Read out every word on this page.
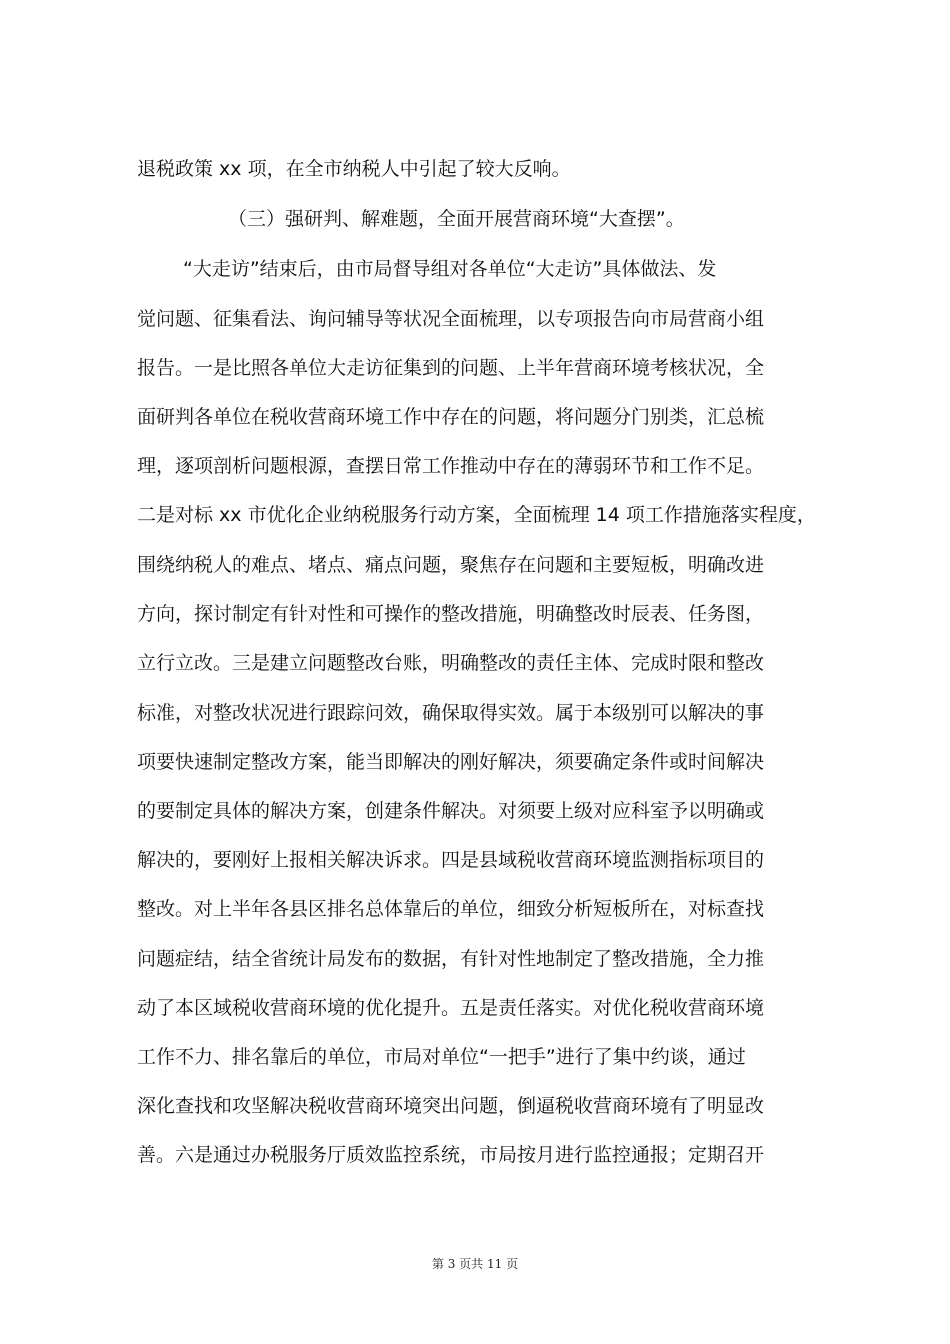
退税政策 xx 项，在全市纳税人中引起了较大反响。
（三）强研判、解难题，全面开展营商环境“大查摆”。
“大走访”结束后，由市局督导组对各单位“大走访”具体做法、发
觉问题、征集看法、询问辅导等状况全面梳理，以专项报告向市局营商小组
报告。一是比照各单位大走访征集到的问题、上半年营商环境考核状况，全
面研判各单位在税收营商环境工作中存在的问题，将问题分门别类，汇总梳
理，逐项剖析问题根源，查摆日常工作推动中存在的薄弱环节和工作不足。
二是对标 xx 市优化企业纳税服务行动方案，全面梳理 14 项工作措施落实程度，
围绕纳税人的难点、堵点、痛点问题，聚焦存在问题和主要短板，明确改进
方向，探讨制定有针对性和可操作的整改措施，明确整改时辰表、任务图，
立行立改。三是建立问题整改台账，明确整改的责任主体、完成时限和整改
标准，对整改状况进行跟踪问效，确保取得实效。属于本级别可以解决的事
项要快速制定整改方案，能当即解决的刚好解决，须要确定条件或时间解决
的要制定具体的解决方案，创建条件解决。对须要上级对应科室予以明确或
解决的，要刚好上报相关解决诉求。四是县域税收营商环境监测指标项目的
整改。对上半年各县区排名总体靠后的单位，细致分析短板所在，对标查找
问题症结，结全省统计局发布的数据，有针对性地制定了整改措施，全力推
动了本区域税收营商环境的优化提升。五是责任落实。对优化税收营商环境
工作不力、排名靠后的单位，市局对单位“一把手”进行了集中约谈，通过
深化查找和攻坚解决税收营商环境突出问题，倒逼税收营商环境有了明显改
善。六是通过办税服务厅质效监控系统，市局按月进行监控通报；定期召开
第 3 页共 11 页
